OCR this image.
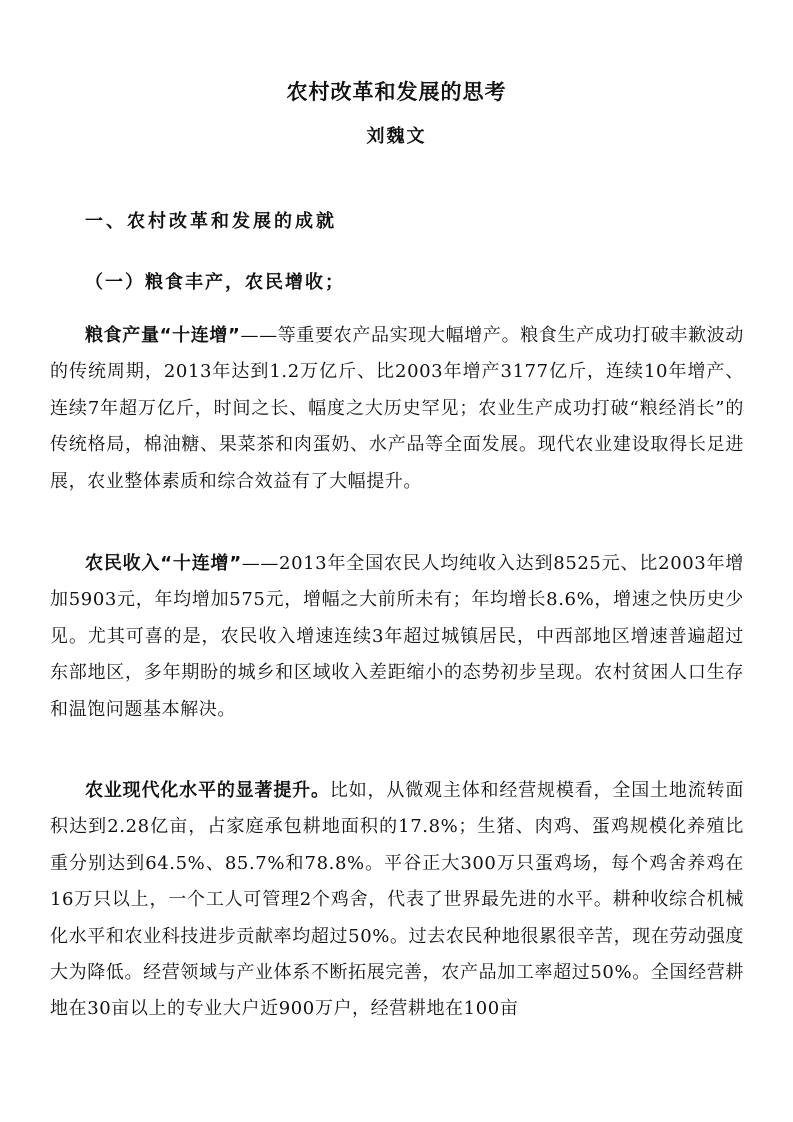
农村改革和发展的思考
刘魏文
一、农村改革和发展的成就
（一）粮食丰产，农民增收；

粮食产量“十连增”——等重要农产品实现大幅增产。粮食生产成功打破丰歉波动的传统周期，2013年达到1.2万亿斤、比2003年增产3177亿斤，连续10年增产、连续7年超万亿斤，时间之长、幅度之大历史罕见；农业生产成功打破“粮经消长”的传统格局，棉油糖、果菜茶和肉蛋奶、水产品等全面发展。现代农业建设取得长足进展，农业整体素质和综合效益有了大幅提升。

农民收入“十连增”——2013年全国农民人均纯收入达到8525元、比2003年增加5903元，年均增加575元，增幅之大前所未有；年均增长8.6%，增速之快历史少见。尤其可喜的是，农民收入增速连续3年超过城镇居民，中西部地区增速普遍超过东部地区，多年期盼的城乡和区域收入差距缩小的态势初步呈现。农村贫困人口生存和温饱问题基本解决。

农业现代化水平的显著提升。比如，从微观主体和经营规模看，全国土地流转面积达到2.28亿亩，占家庭承包耕地面积的17.8%；生猪、肉鸡、蛋鸡规模化养殖比重分别达到64.5%、85.7%和78.8%。平谷正大300万只蛋鸡场，每个鸡舍养鸡在16万只以上，一个工人可管理2个鸡舍，代表了世界最先进的水平。耕种收综合机械化水平和农业科技进步贡献率均超过50%。过去农民种地很累很辛苦，现在劳动强度大为降低。经营领域与产业体系不断拓展完善，农产品加工率超过50%。全国经营耕地在30亩以上的专业大户近900万户，经营耕地在100亩
